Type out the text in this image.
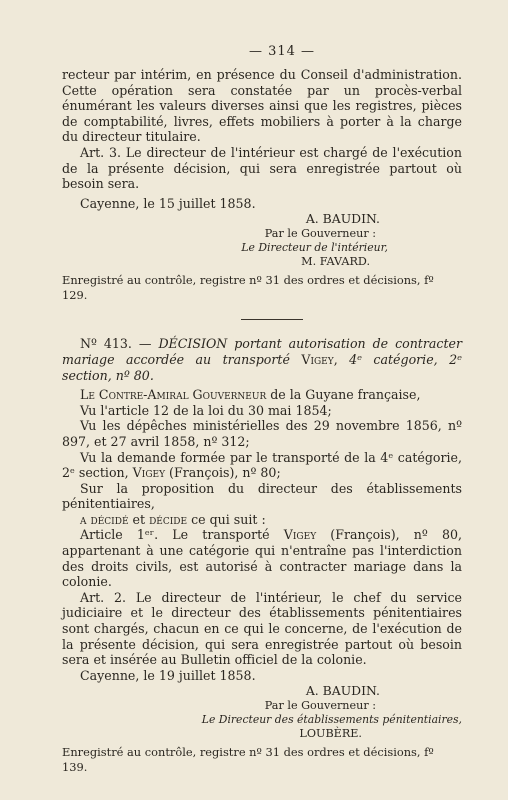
— 314 —

recteur par intérim, en présence du Conseil d'administration. Cette opération sera constatée par un procès-verbal énumérant les valeurs diverses ainsi que les registres, pièces de comptabilité, livres, effets mobiliers à porter à la charge du directeur titulaire.

Art. 3. Le directeur de l'intérieur est chargé de l'exécution de la présente décision, qui sera enregistrée partout où besoin sera.

Cayenne, le 15 juillet 1858.

A. BAUDIN.
Par le Gouverneur :
Le Directeur de l'intérieur,
M. FAVARD.
Enregistré au contrôle, registre nº 31 des ordres et décisions, fº 129.

Nº 413. — DÉCISION portant autorisation de contracter mariage accordée au transporté Vigey, 4ᵉ catégorie, 2ᵉ section, nº 80.

Le Contre-Amiral Gouverneur de la Guyane française,

Vu l'article 12 de la loi du 30 mai 1854;

Vu les dépêches ministérielles des 29 novembre 1856, nº 897, et 27 avril 1858, nº 312;

Vu la demande formée par le transporté de la 4ᵉ catégorie, 2ᵉ section, Vigey (François), nº 80;

Sur la proposition du directeur des établissements pénitentiaires,

a décidé et décide ce qui suit :

Article 1ᵉʳ. Le transporté Vigey (François), nº 80, appartenant à une catégorie qui n'entraîne pas l'interdiction des droits civils, est autorisé à contracter mariage dans la colonie.

Art. 2. Le directeur de l'intérieur, le chef du service judiciaire et le directeur des établissements pénitentiaires sont chargés, chacun en ce qui le concerne, de l'exécution de la présente décision, qui sera enregistrée partout où besoin sera et insérée au Bulletin officiel de la colonie.

Cayenne, le 19 juillet 1858.

A. BAUDIN.
Par le Gouverneur :
Le Directeur des établissements pénitentiaires,
LOUBÈRE.
Enregistré au contrôle, registre nº 31 des ordres et décisions, fº 139.
